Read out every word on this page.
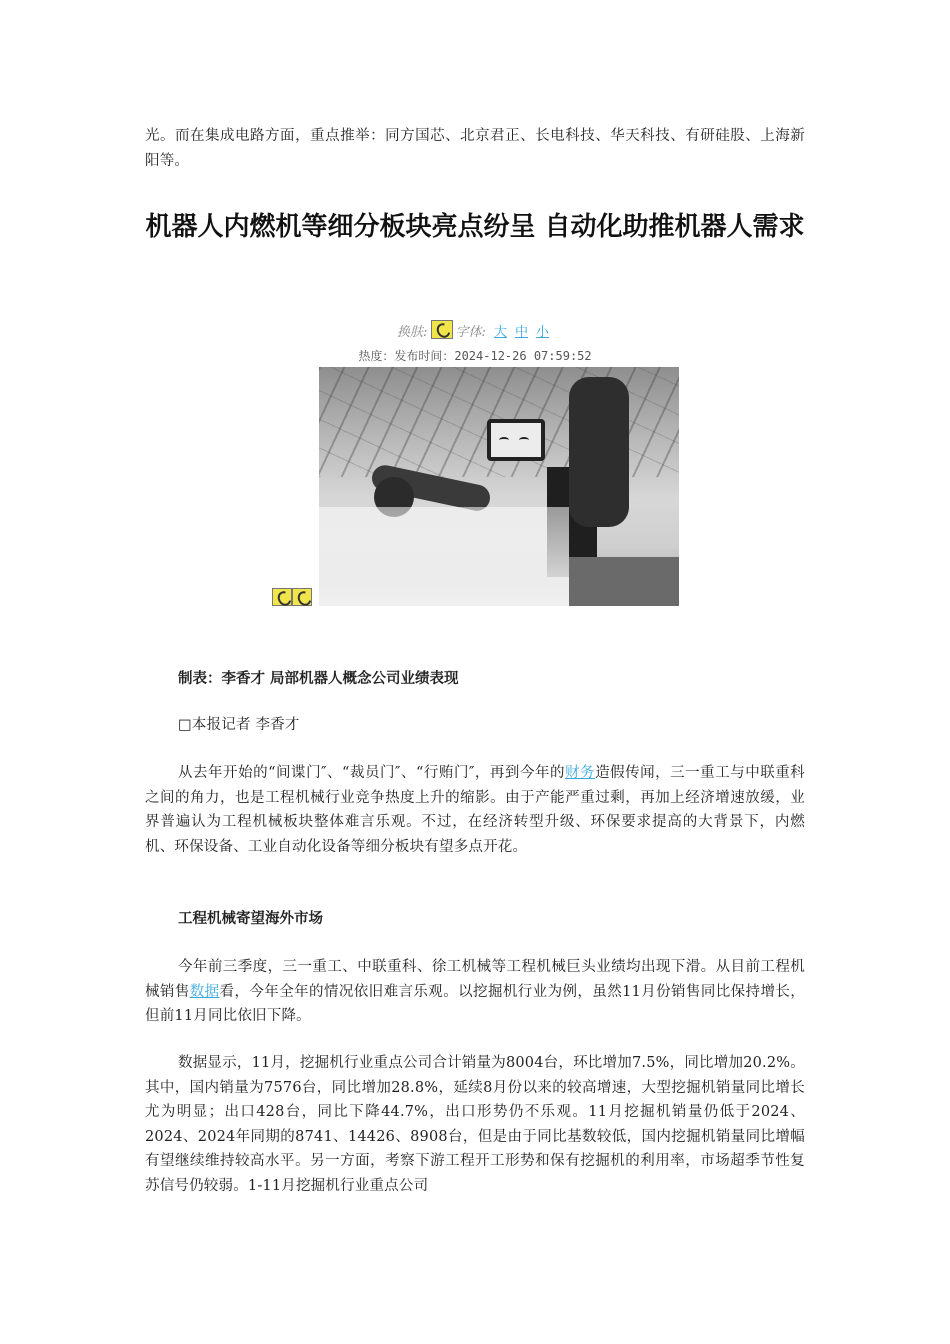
光。而在集成电路方面，重点推举：同方国芯、北京君正、长电科技、华天科技、有研硅股、上海新阳等。

机器人内燃机等细分板块亮点纷呈 自动化助推机器人需求
换肤: 字体: 大 中 小
热度：发布时间：2024-12-26 07:59:52

制表：李香才 局部机器人概念公司业绩表现

□本报记者 李香才

从去年开始的“间谍门″、“裁员门″、“行贿门″，再到今年的财务造假传闻，三一重工与中联重科之间的角力，也是工程机械行业竞争热度上升的缩影。由于产能严重过剩，再加上经济增速放缓，业界普遍认为工程机械板块整体难言乐观。不过，在经济转型升级、环保要求提高的大背景下，内燃机、环保设备、工业自动化设备等细分板块有望多点开花。

工程机械寄望海外市场

今年前三季度，三一重工、中联重科、徐工机械等工程机械巨头业绩均出现下滑。从目前工程机械销售数据看，今年全年的情况依旧难言乐观。以挖掘机行业为例，虽然11月份销售同比保持增长，但前11月同比依旧下降。

数据显示，11月，挖掘机行业重点公司合计销量为8004台，环比增加7.5%，同比增加20.2%。其中，国内销量为7576台，同比增加28.8%，延续8月份以来的较高增速，大型挖掘机销量同比增长尤为明显；出口428台，同比下降44.7%，出口形势仍不乐观。11月挖掘机销量仍低于2024、2024、2024年同期的8741、14426、8908台，但是由于同比基数较低，国内挖掘机销量同比增幅有望继续维持较高水平。另一方面，考察下游工程开工形势和保有挖掘机的利用率，市场超季节性复苏信号仍较弱。1-11月挖掘机行业重点公司
